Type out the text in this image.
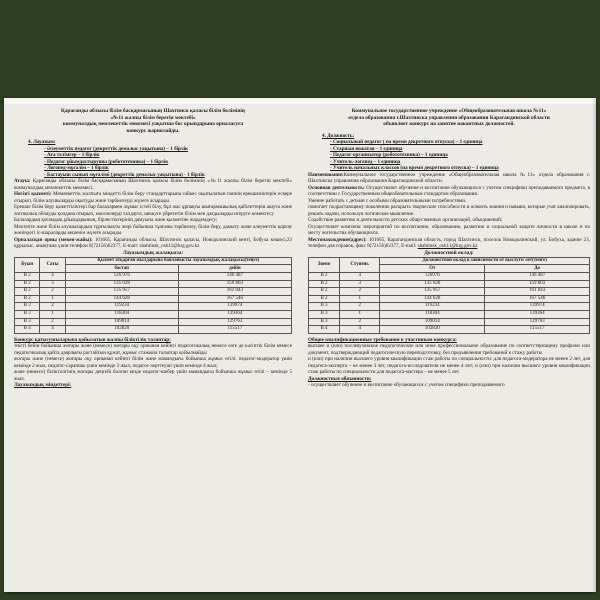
Қарағанды облысы білім басқармасының Шахтинск қаласы білім бөлімінің
«№11 жалпы білім беретін мектебі»
коммуналдық мемлекеттік мекемесі уақытша бос орындарына орналасуға
конкурс жариялайды.
4. Лауазым:
- Әлеуметтік педагог (декреттік демалыс уақытына) – 1 бірлік
- Аға тәлімгер – 1 бірлік
- Педагог ұйымдастырушы (робототехника) – 1 бірлік
- Логопед-мұғалім – 1 бірлік
- Бастауыш сынып мұғалімі (декреттік демалыс уақытына) - 1 бірлік
Атауы: Қарағанды облысы білім басқармасының Шахтинск қаласы білім бөлімінің «№11 жалпы білім беретін мектебі» коммуналдық мемлекеттік мекемесі.
Негізгі қызметі: Мемлекеттік жалпыға міндетті білім беру стандарттарына сәйкес оқытылатын пәннің ерекшеліктерін ескере отырып, білім алушыларды оқытуды және тәрбиелеуді жүзеге асырады.
Ерекше білім беру қажеттіліктері бар балалармен жұмыс істей білу, бұл жас ұрпақты шығармашылық қабілеттерін ашуға және логикалық ойлауды қолдана отырып, мәселелерді талдауға, шешуге үйрететін білім мен дағдыларды игеруге көмектесу
Балалардың қоғамдық ұйымдарының, бірлестіктерінің дамуына және қызметіне жәрдемдесу;
Мектепте және білім алушылардың тұрғылықты жері бойынша тұлғаны тәрбиелеу, білім беру, дамыту және әлеуметтік қорғау жөніндегі іс-шараларды кешенін жүзеге асырады.
Орналасқан орны (мекен-жайы): 101605, Қарағанды облысы, Шахтинск қаласы, Новодолинский кенті, Бобуха көшесі,23 құрылыс, анықтама үшін телефон 8(72156)62377, E-mail: shahtinsk_osh11@krg.gov.kz
Лауазымдық жалақысы:
Буын	Саты	Қызмет атқарған жылдарына байланысты лауазымдық жалақысы(теңге)	
		бастап	дейін
В 2	4	126 976	146 487
В 2	3	135 028	159 803
В 2	2	135 957	161 043
В 2	1	144 628	167 546
В 3	2	119234	139974
В 3	1	118304	139364
В 3	2	109014	129763
В 4	4	102820	115517
Конкурс қатысушыларына қойылатын жалпы біліктілік талаптар:
тиісті бейін бойынша жоғары және (немесе) жоғары оқу орнынан кейінгі педагогикалық немесе өзге де кәсіптік білім немесе педагогикалық қайта даярлығы растайтын құжат, жұмыс стажына талаптар қойылмайды
жоғары және (немесе) жоғары оқу орнынан кейінгі білім және мамандығы бойынша жұмыс өтілі: педагог-модератор үшін кемінде 2 жыл, педагог-сарапшы үшін кемінде 3 жыл, педагог-зерттеуші үшін кемінде 4 жыл;
және (немесе) біліктілігінің жоғары деңгейі болған кезде педагог-шебер үшін мамандығы бойынша жұмыс өтілі – кемінде 5 жыл.
Лауазымдық міндеттері:
Коммунальное государственное учреждение «Общеобразовательная школа №11»
отдела образования г.Шахтинска управления образования Карагандинской области
объявляет конкурс на занятие вакантных должностей.
4. Должность:
- Социальный педагог ( на время декретного отпуска) – 1 единица
- Старшая вожатая – 1 единица
- Педагог-организатор (робототехника) – 1 единица
- Учитель-логопед – 1 единица
- Учитель начальных классов (на время декретного отпуска) – 1 единица
Наименование:Коммунальное государственное учреждение «Общеобразовательная школа №11» отдела образования г. Шахтинска управления образования Карагандинской области.
Основная деятельность: Осуществляет обучение и воспитание обучающихся с учетом специфики преподаваемого предмета, в соответствии с Государственным общеобязательным стандартом образования.
Умение работать с детьми с особыми образовательными потребностями.
помогает подрастающему поколению раскрыть творческие способности и освоить знания и навыки, которые учат анализировать, решать задачи, используя логическое мышление.
Содействие развитию и деятельности детских общественных организаций, объединений;
Осуществляет комплекс мероприятий по воспитанию, образованию, развитию и социальной защите личности в школе и по месту жительства обучающихся.
Местонахождение(адрес): 101605, Карагандинская область, город Шахтинск, поселок Новодолинский, ул. Бобуха, здание 23, телефон для справок, факс 8(72156)62377, E-mail: shahtinsk_osh11@krg.gov.kz
Должностной оклад:
Звено	Ступень	Должностной оклад в зависимости от выслуги лет(тенге)	
		От	До
В 2	4	126976	146 487
В 2	3	135 028	159 803
В 2	2	135 957	161 043
В 2	1	144 628	167 546
В 3	2	119234	139974
В 3	1	118304	139364
В 3	2	109014	129763
В 4	4	102820	115517
Общие квалификационные требования к участникам конкурса:
высшее и (или) послевузовское педагогическое или иное профессиональное образование по соответствующему профилю или документ, подтверждающий педагогическую переподготовку, без предъявления требований к стажу работы
и (или) при наличии высшего уровня квалификации стаж работы по специальности: для педагога-модератора не менее 2 лет, для педагога-эксперта – не менее 3 лет, педагога-исследователя не менее 4 лет; и (или) при наличии высшего уровня квалификации стаж работы по специальности для педагога-мастера – не менее 5 лет.
Должностные обязанности:
- осуществляет обучение и воспитание обучающихся с учетом специфики преподаваемого
